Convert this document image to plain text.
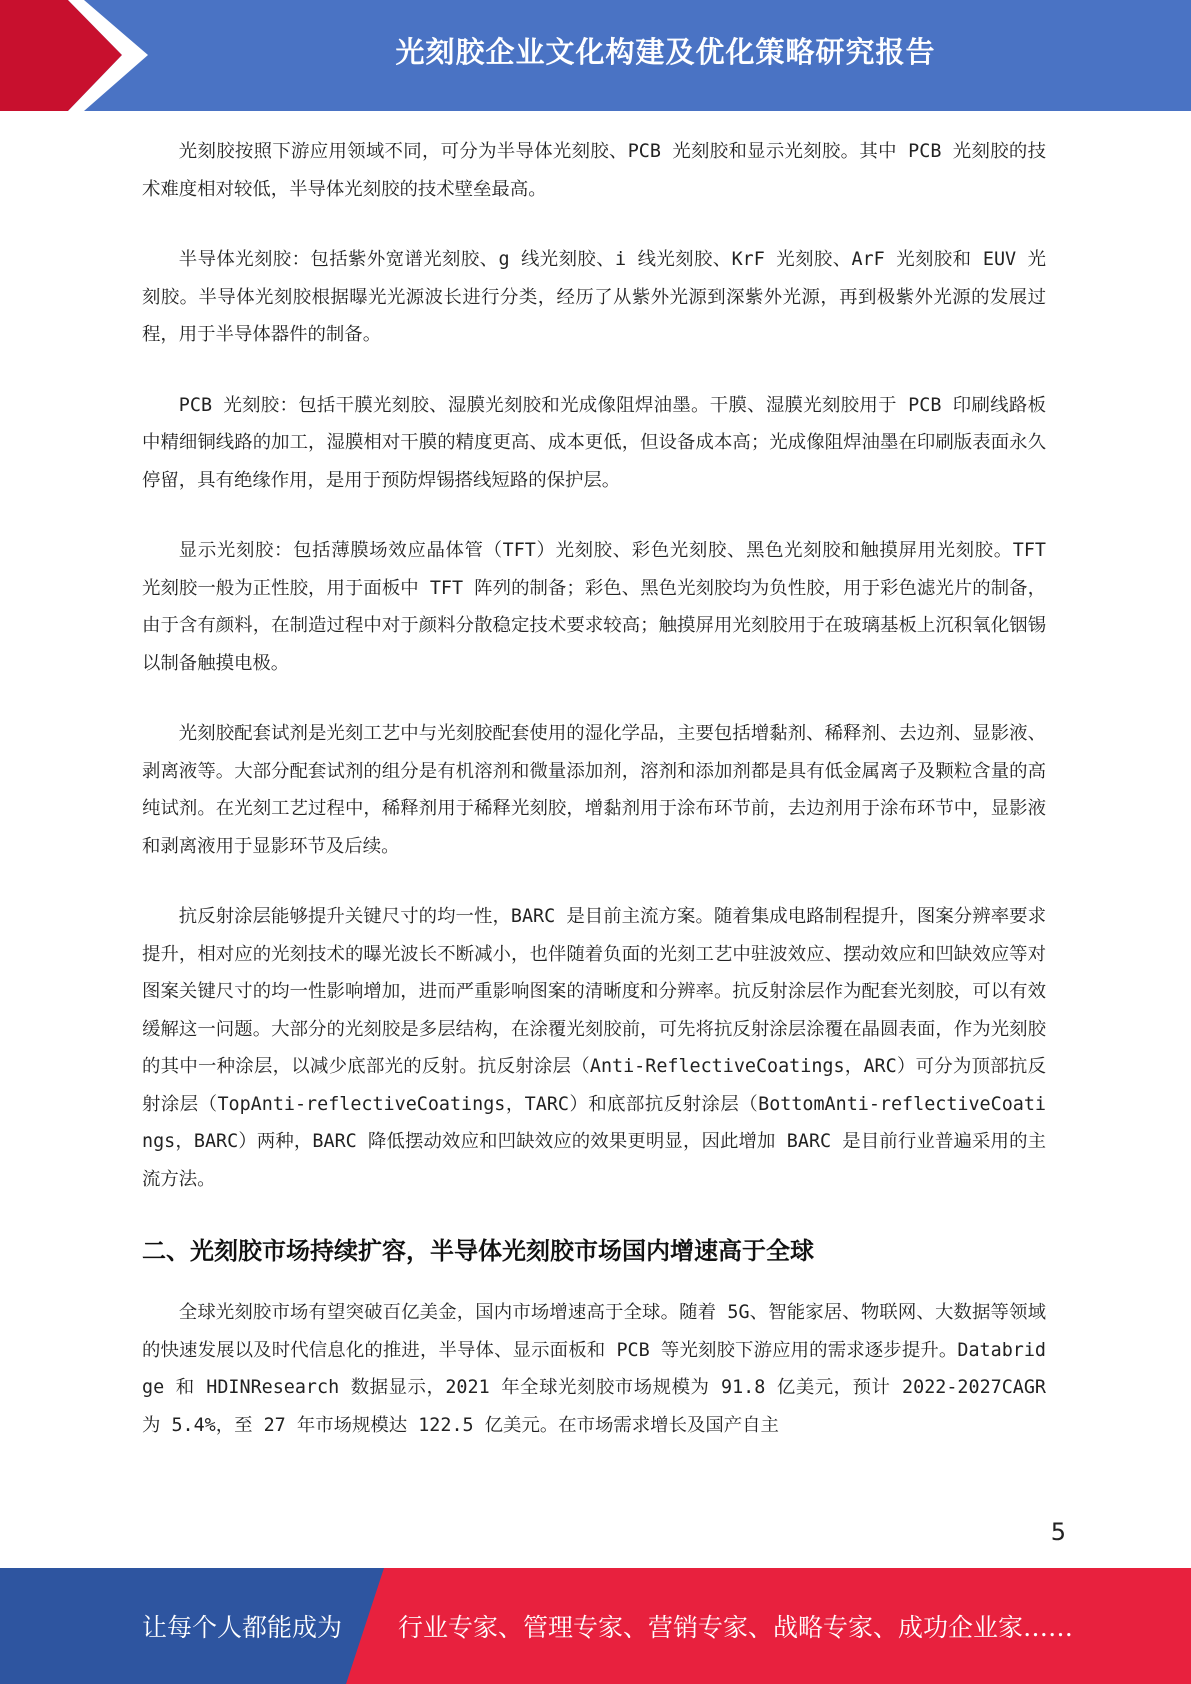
光刻胶企业文化构建及优化策略研究报告

光刻胶按照下游应用领域不同，可分为半导体光刻胶、PCB 光刻胶和显示光刻胶。其中 PCB 光刻胶的技术难度相对较低，半导体光刻胶的技术壁垒最高。

半导体光刻胶：包括紫外宽谱光刻胶、g 线光刻胶、i 线光刻胶、KrF 光刻胶、ArF 光刻胶和 EUV 光刻胶。半导体光刻胶根据曝光光源波长进行分类，经历了从紫外光源到深紫外光源，再到极紫外光源的发展过程，用于半导体器件的制备。

PCB 光刻胶：包括干膜光刻胶、湿膜光刻胶和光成像阻焊油墨。干膜、湿膜光刻胶用于 PCB 印刷线路板中精细铜线路的加工，湿膜相对干膜的精度更高、成本更低，但设备成本高；光成像阻焊油墨在印刷版表面永久停留，具有绝缘作用，是用于预防焊锡搭线短路的保护层。

显示光刻胶：包括薄膜场效应晶体管（TFT）光刻胶、彩色光刻胶、黑色光刻胶和触摸屏用光刻胶。TFT 光刻胶一般为正性胶，用于面板中 TFT 阵列的制备；彩色、黑色光刻胶均为负性胶，用于彩色滤光片的制备，由于含有颜料，在制造过程中对于颜料分散稳定技术要求较高；触摸屏用光刻胶用于在玻璃基板上沉积氧化铟锡以制备触摸电极。

光刻胶配套试剂是光刻工艺中与光刻胶配套使用的湿化学品，主要包括增黏剂、稀释剂、去边剂、显影液、剥离液等。大部分配套试剂的组分是有机溶剂和微量添加剂，溶剂和添加剂都是具有低金属离子及颗粒含量的高纯试剂。在光刻工艺过程中，稀释剂用于稀释光刻胶，增黏剂用于涂布环节前，去边剂用于涂布环节中，显影液和剥离液用于显影环节及后续。

抗反射涂层能够提升关键尺寸的均一性，BARC 是目前主流方案。随着集成电路制程提升，图案分辨率要求提升，相对应的光刻技术的曝光波长不断减小，也伴随着负面的光刻工艺中驻波效应、摆动效应和凹缺效应等对图案关键尺寸的均一性影响增加，进而严重影响图案的清晰度和分辨率。抗反射涂层作为配套光刻胶，可以有效缓解这一问题。大部分的光刻胶是多层结构，在涂覆光刻胶前，可先将抗反射涂层涂覆在晶圆表面，作为光刻胶的其中一种涂层，以减少底部光的反射。抗反射涂层（Anti-ReflectiveCoatings，ARC）可分为顶部抗反射涂层（TopAnti-reflectiveCoatings，TARC）和底部抗反射涂层（BottomAnti-reflectiveCoatings，BARC）两种，BARC 降低摆动效应和凹缺效应的效果更明显，因此增加 BARC 是目前行业普遍采用的主流方法。

二、光刻胶市场持续扩容，半导体光刻胶市场国内增速高于全球

全球光刻胶市场有望突破百亿美金，国内市场增速高于全球。随着 5G、智能家居、物联网、大数据等领域的快速发展以及时代信息化的推进，半导体、显示面板和 PCB 等光刻胶下游应用的需求逐步提升。Databridge 和 HDINResearch 数据显示，2021 年全球光刻胶市场规模为 91.8 亿美元，预计 2022-2027CAGR 为 5.4%，至 27 年市场规模达 122.5 亿美元。在市场需求增长及国产自主

5
让每个人都能成为 行业专家、管理专家、营销专家、战略专家、成功企业家……
